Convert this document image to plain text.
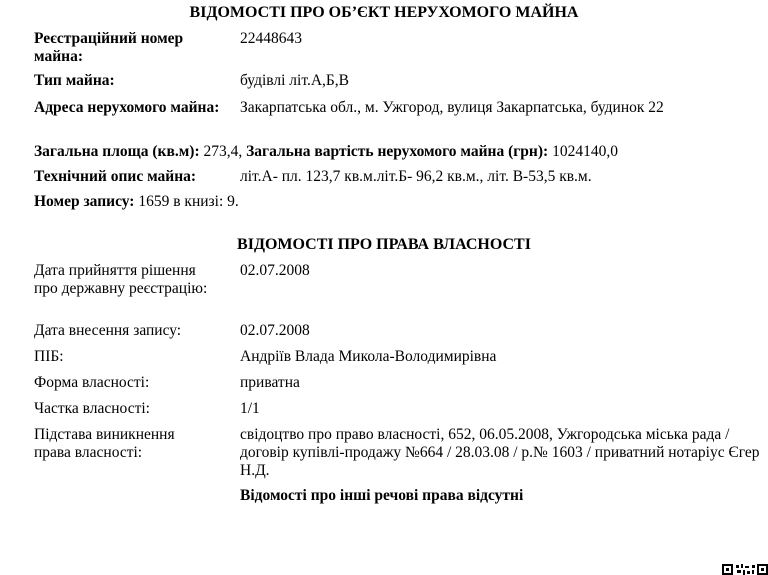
ВІДОМОСТІ ПРО ОБ’ЄКТ НЕРУХОМОГО МАЙНА
Реєстраційний номер майна:
22448643
Тип майна:	будівлі літ.А,Б,В
Адреса нерухомого майна:	Закарпатська обл., м. Ужгород, вулиця Закарпатська, будинок 22
Загальна площа (кв.м): 273,4, Загальна вартість нерухомого майна (грн): 1024140,0
Технічний опис майна:	літ.А- пл. 123,7 кв.м.літ.Б- 96,2 кв.м., літ. В-53,5 кв.м.
Номер запису: 1659 в книзі: 9.
ВІДОМОСТІ ПРО ПРАВА ВЛАСНОСТІ
Дата прийняття рішення про державну реєстрацію:
02.07.2008
Дата внесення запису:	02.07.2008
ПІБ:	Андріїв Влада Микола-Володимирівна
Форма власності:	приватна
Частка власності:	1/1
Підстава виникнення права власності:
свідоцтво про право власності, 652, 06.05.2008, Ужгородська міська рада / договір купівлі-продажу №664 / 28.03.08 / р.№ 1603 / приватний нотаріус Єгер Н.Д.
Відомості про інші речові права відсутні
